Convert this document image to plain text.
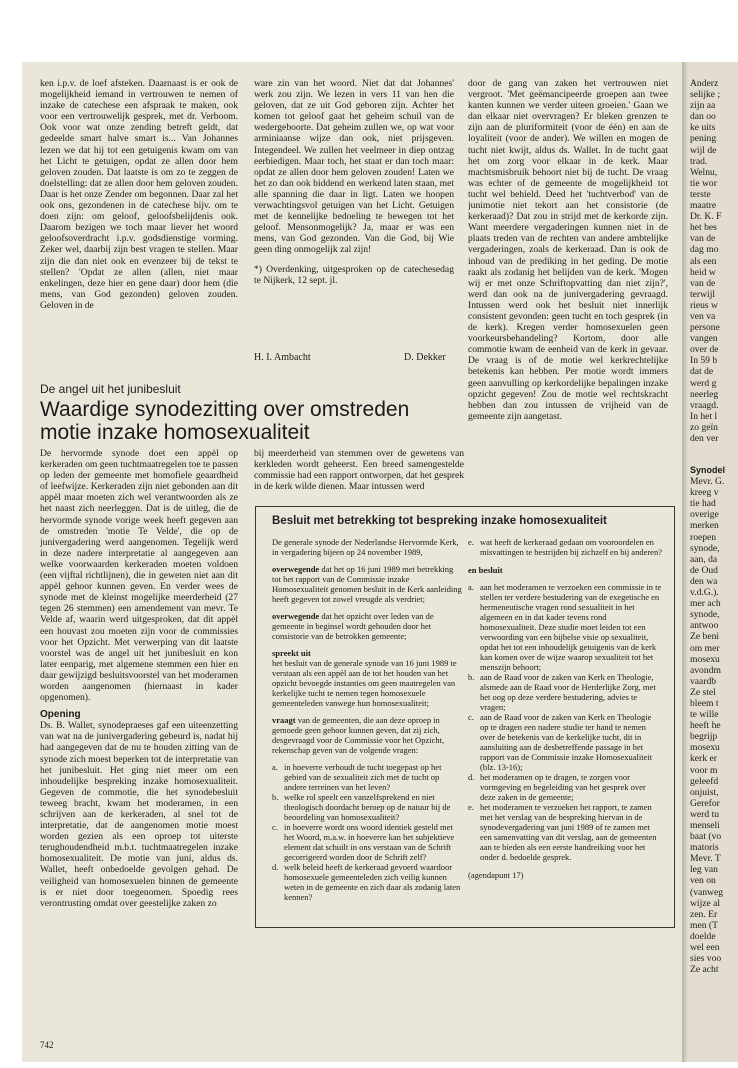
ken i.p.v. de loef afsteken. Daarnaast is er ook de mogelijkheid iemand in vertrouwen te nemen of inzake de catechese een afspraak te maken, ook voor een vertrouwelijk gesprek, met dr. Verboom. Ook voor wat onze zending betreft geldt, dat gedeelde smart halve smart is... Van Johannes lezen we dat hij tot een getuigenis kwam om van het Licht te getuigen, opdat ze allen door hem geloven zouden. Dat laatste is om zo te zeggen de doelstelling: dat ze allen door hem geloven zouden. Daar is het onze Zender om begonnen. Daar zal het ook ons, gezondenen in de catechese bijv. om te doen zijn: om geloof, geloofsbelijdenis ook. Daarom bezigen we toch maar liever het woord geloofsoverdracht i.p.v. godsdienstige vorming. Zeker wel, daarbij zijn best vragen te stellen. Maar zijn die dan niet ook en evenzeer bij de tekst te stellen? 'Opdat ze allen (allen, niet maar enkelingen, deze hier en gene daar) door hem (die mens, van God gezonden) geloven zouden. Geloven in de

ware zin van het woord. Niet dat dat Johannes' werk zou zijn. We lezen in vers 11 van hen die geloven, dat ze uit God geboren zijn. Achter het komen tot geloof gaat het geheim schuil van de wedergeboorte. Dat geheim zullen we, op wat voor arminiaanse wijze dan ook, niet prijsgeven. Integendeel. We zullen het veelmeer in diep ontzag eerbiedigen. Maar toch, het staat er dan toch maar: opdat ze allen door hem geloven zouden! Laten we het zo dan ook biddend en werkend laten staan, met alle spanning die daar in ligt. Laten we hoopen verwachtingsvol getuigen van het Licht. Getuigen met de kennelijke bedoeling te bewegen tot het geloof. Mensonmogelijk? Ja, maar er was een mens, van God gezonden. Van die God, bij Wie geen ding onmogelijk zal zijn!

*) Overdenking, uitgesproken op de catechesedag te Nijkerk, 12 sept. jl.

H. I. Ambacht	D. Dekker

door de gang van zaken het vertrouwen niet vergroot. 'Met geëmancipeerde groepen aan twee kanten kunnen we verder uiteen groeien.' Gaan we dan elkaar niet overvragen? Er bleken grenzen te zijn aan de pluriformiteit (voor de één) en aan de loyaliteit (voor de ander). We willen en mogen de tucht niet kwijt, aldus ds. Wallet. In de tucht gaat het om zorg voor elkaar in de kerk. Maar machtsmisbruik behoort niet bij de tucht. De vraag was echter of de gemeente de mogelijkheid tot tucht wel behield. Deed het 'tuchtverbod' van de junimotie niet tekort aan het consistorie (de kerkeraad)? Dat zou in strijd met de kerkorde zijn. Want meerdere vergaderingen kunnen niet in de plaats treden van de rechten van andere ambtelijke vergaderingen, zoals de kerkeraad. Dan is ook de inhoud van de prediking in het geding. De motie raakt als zodanig het belijden van de kerk. 'Mogen wij er met onze Schriftopvatting dan niet zijn?', werd dan ook na de junivergadering gevraagd. Intussen werd ook het besluit niet innerlijk consistent gevonden: geen tucht en toch gesprek (in de kerk). Kregen verder homosexuelen geen voorkeursbehandeling? Kortom, door alle commotie kwam de eenheid van de kerk in gevaar. De vraag is of de motie wel kerkrechtelijke betekenis kan hebben. Per motie wordt immers geen aanvulling op kerkordelijke bepalingen inzake opzicht gegeven! Zou de motie wel rechtskracht hebben dan zou intussen de vrijheid van de gemeente zijn aangetast.

De angel uit het junibesluit
Waardige synodezitting over omstreden motie inzake homosexualiteit

De hervormde synode doet een appèl op kerkeraden om geen tuchtmaatregelen toe te passen op leden der gemeente met homofiele geaardheid of leefwijze. Kerkeraden zijn niet gebonden aan dit appèl maar moeten zich wel verantwoorden als ze het naast zich neerleggen. Dat is de uitleg, die de hervormde synode vorige week heeft gegeven aan de omstreden 'motie Te Velde', die op de junivergadering werd aangenomen. Tegelijk werd in deze nadere interpretatie al aangegeven aan welke voorwaarden kerkeraden moeten voldoen (een vijftal richtlijnen), die in geweten niet aan dit appèl gehoor kunnen geven. En verder wees de synode met de kleinst mogelijke meerderheid (27 tegen 26 stemmen) een amendement van mevr. Te Velde af, waarin werd uitgesproken, dat dit appèl een houvast zou moeten zijn voor de commissies voor het Opzicht. Met verwerping van dit laatste voorstel was de angel uit het junibesluit en kon later eenparig, met algemene stemmen een hier en daar gewijzigd besluitsvoorstel van het moderamen worden aangenomen (hiernaast in kader opgenomen).

Opening

Ds. B. Wallet, synodepraeses gaf een uiteenzetting van wat na de junivergadering gebeurd is, nadat hij had aangegeven dat de nu te houden zitting van de synode zich moest beperken tot de interpretatie van het junibesluit. Het ging niet meer om een inhoudelijke bespreking inzake homosexualiteit. Gegeven de commotie, die het synodebesluit teweeg bracht, kwam het moderamen, in een schrijven aan de kerkeraden, al snel tot de interpretatie, dat de aangenomen motie moest worden gezien als een oproep tot uiterste terughoudendheid m.b.t. tuchtmaatregelen inzake homosexualiteit. De motie van juni, aldus ds. Wallet, heeft onbedoelde gevolgen gehad. De veiligheid van homosexuelen binnen de gemeente is er niet door toegenomen. Spoedig rees verontrusting omdat over geestelijke zaken zo

bij meerderheid van stemmen over de gewetens van kerkleden wordt geheerst. Een breed samengestelde commissie had een rapport ontworpen, dat het gesprek in de kerk wilde dienen. Maar intussen werd

Besluit met betrekking tot bespreking inzake homosexualiteit

De generale synode der Nederlandse Hervormde Kerk, in vergadering bijeen op 24 november 1989,

overwegende dat het op 16 juni 1989 met betrekking tot het rapport van de Commissie inzake Homosexualiteit genomen besluit in de Kerk aanleiding heeft gegeven tot zowel vreugde als verdriet;

overwegende dat het opzicht over leden van de gemeente in beginsel wordt gehouden door het consistorie van de betrokken gemeente;

spreekt uit
het besluit van de generale synode van 16 juni 1989 te verstaan als een appèl aan de tot het houden van het opzicht bevoegde instanties om geen maatregelen van kerkelijke tucht te nemen tegen homosexuele gemeenteleden vanwege hun homosexualiteit;

vraagt van de gemeenten, die aan deze oproep in gemoede geen gehoor kunnen geven, dat zij zich, desgevraagd voor de Commissie voor het Opzicht, rekenschap geven van de volgende vragen:

a. in hoeverre verhoudt de tucht toegepast op het gebied van de sexualiteit zich met de tucht op andere terreinen van het leven?
b. welke rol speelt een vanzelfsprekend en niet theologisch doordacht beroep op de natuur bij de beoordeling van homosexualiteit?
c. in hoeverre wordt ons woord identiek gesteld met het Woord, m.a.w. in hoeverre kan het subjektieve element dat schuilt in ons verstaan van de Schrift gecorrigeerd worden door de Schrift zelf?
d. welk beleid heeft de kerkeraad gevoerd waardoor homosexuele gemeenteleden zich veilig kunnen weten in de gemeente en zich daar als zodanig laten kennen?
e. wat heeft de kerkeraad gedaan om vooroordelen en misvattingen te bestrijden bij zichzelf en bij anderen?

en besluit

a. aan het moderamen te verzoeken een commissie in te stellen ter verdere bestudering van de exegetische en hermeneutische vragen rond sexualiteit in het algemeen en in dat kader tevens rond homosexualiteit. Deze studie moet leiden tot een verwoording van een bijbelse visie op sexualiteit, opdat het tot een inhoudelijk getuigenis van de kerk kan komen over de wijze waarop sexualiteit tot het menszijn behoort;
b. aan de Raad voor de zaken van Kerk en Theologie, alsmede aan de Raad voor de Herderlijke Zorg, met het oog op deze verdere bestudering, advies te vragen;
c. aan de Raad voor de zaken van Kerk en Theologie op te dragen een nadere studie ter hand te nemen over de betekenis van de kerkelijke tucht, dit in aansluiting aan de desbetreffende passage in het rapport van de Commissie inzake Homosexualiteit (blz. 13-16);
d. het moderamen op te dragen, te zorgen voor vormgeving en begeleiding van het gesprek over deze zaken in de gemeente;
e. het moderamen te verzoeken het rapport, te zamen met het verslag van de bespreking hiervan in de synodevergadering van juni 1989 of te zamen met een samenvatting van dit verslag, aan de gemeenten aan te bieden als een eerste handreiking voor het onder d. bedoelde gesprek.

(agendapunt 17)

742

Anderz

selijke ;

zijn aa

dan oo

ke uits

pening

wijl de

trad.

Welnu,

tie wor

terste

maatre

Dr. K. F

het bes

van de

dag mo

als een

heid w

van de

terwijl

rieus w

ven va

persone

vangen

over de

In 59 b

dat de

werd g

neerleg

vraagd.

In het l

zo geïn

den ver

Synodel

Mevr. G.

kreeg v

tie had

overige

merken

roepen

synode,

aan, da

de Oud

den wa

v.d.G.).

mer ach

synode,

antwoo

Ze beni

om mer

mosexu

avondm

vaardb

Ze stel

bleem t

te wille

heeft he

begrijp

mosexu

kerk er

voor m

geleefd

onjuist,

Gerefor

werd tu

menseli

baat (vo

matoris

Mevr. T

leg van

ven on

(vanweg

wijze al

zen. Er

men (T

doelde

wel een

sies voo

Ze acht
